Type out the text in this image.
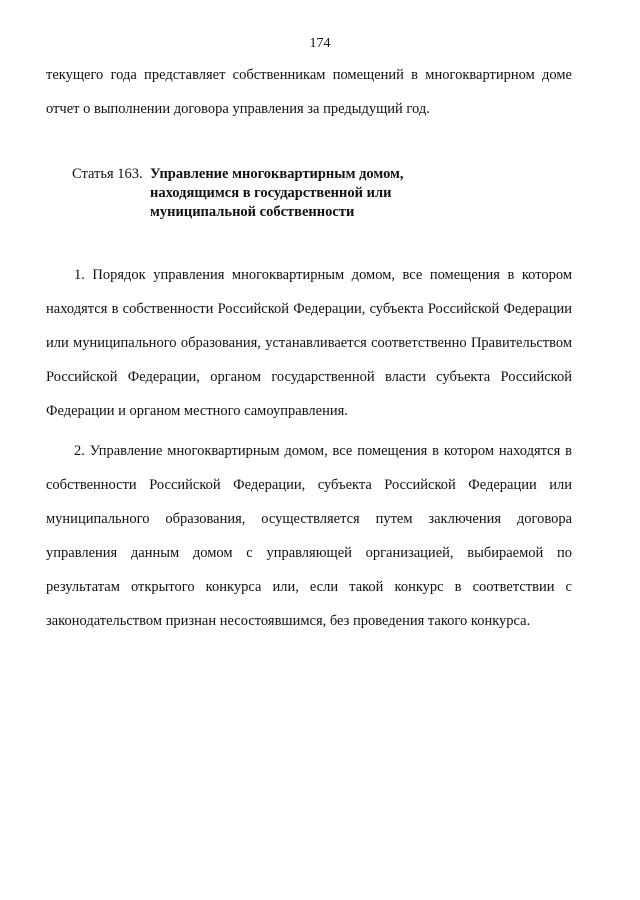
174
текущего года представляет собственникам помещений в многоквартирном доме отчет о выполнении договора управления за предыдущий год.
Статья 163. Управление многоквартирным домом,
находящимся в государственной или
муниципальной собственности
1. Порядок управления многоквартирным домом, все помещения в котором находятся в собственности Российской Федерации, субъекта Российской Федерации или муниципального образования, устанавливается соответственно Правительством Российской Федерации, органом государственной власти субъекта Российской Федерации и органом местного самоуправления.
2. Управление многоквартирным домом, все помещения в котором находятся в собственности Российской Федерации, субъекта Российской Федерации или муниципального образования, осуществляется путем заключения договора управления данным домом с управляющей организацией, выбираемой по результатам открытого конкурса или, если такой конкурс в соответствии с законодательством признан несостоявшимся, без проведения такого конкурса.
